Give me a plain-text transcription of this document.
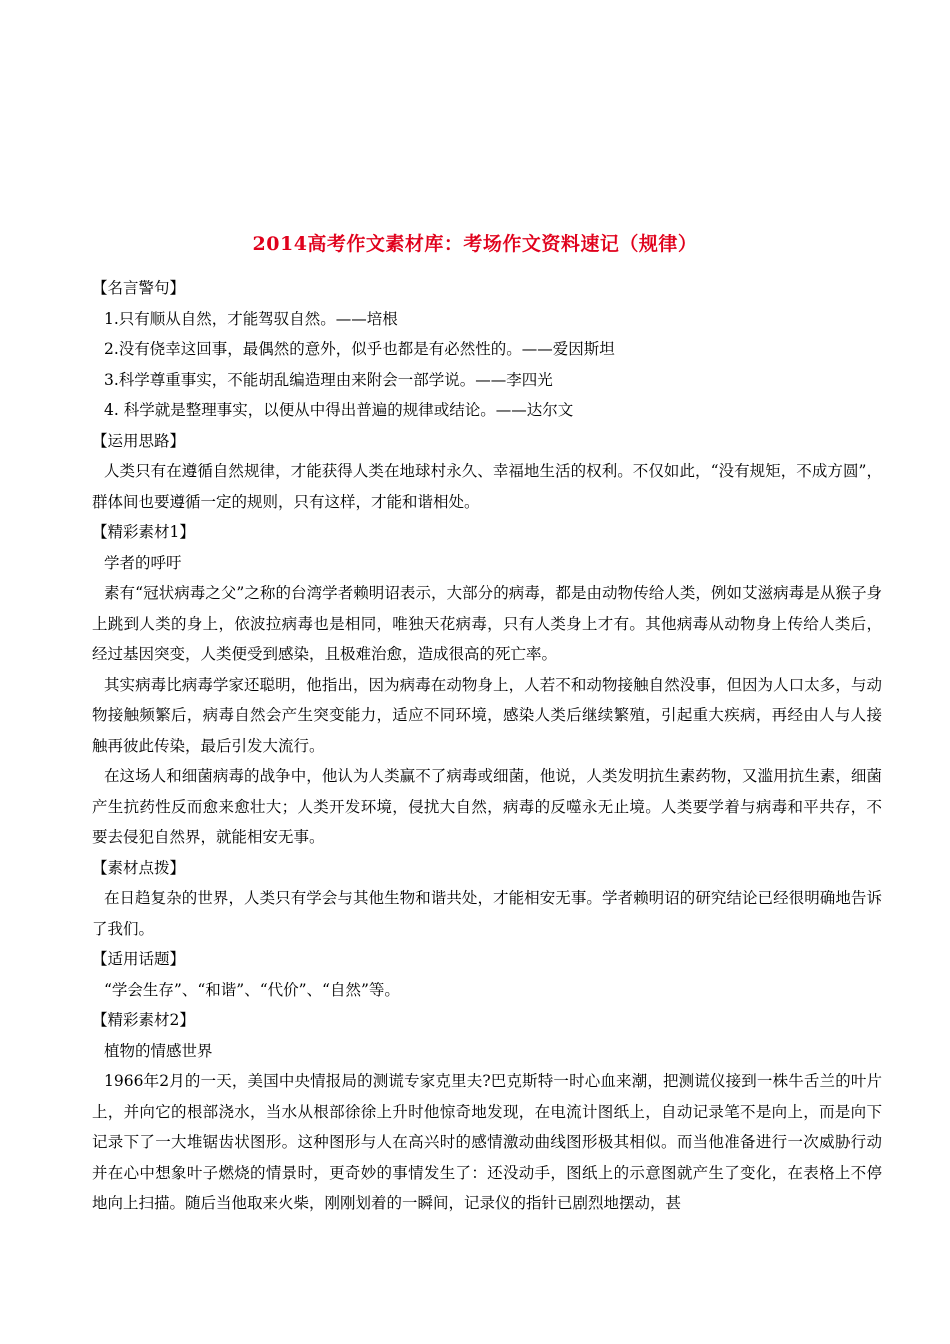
2014高考作文素材库：考场作文资料速记（规律）
【名言警句】
1.只有顺从自然，才能驾驭自然。——培根
2.没有侥幸这回事，最偶然的意外，似乎也都是有必然性的。——爱因斯坦
3.科学尊重事实，不能胡乱编造理由来附会一部学说。——李四光
4. 科学就是整理事实，以便从中得出普遍的规律或结论。——达尔文
【运用思路】

人类只有在遵循自然规律，才能获得人类在地球村永久、幸福地生活的权利。不仅如此，“没有规矩，不成方圆”，群体间也要遵循一定的规则，只有这样，才能和谐相处。

【精彩素材1】
学者的呼吁

素有“冠状病毒之父”之称的台湾学者赖明诏表示，大部分的病毒，都是由动物传给人类，例如艾滋病毒是从猴子身上跳到人类的身上，依波拉病毒也是相同，唯独天花病毒，只有人类身上才有。其他病毒从动物身上传给人类后，经过基因突变，人类便受到感染，且极难治愈，造成很高的死亡率。

其实病毒比病毒学家还聪明，他指出，因为病毒在动物身上，人若不和动物接触自然没事，但因为人口太多，与动物接触频繁后，病毒自然会产生突变能力，适应不同环境，感染人类后继续繁殖，引起重大疾病，再经由人与人接触再彼此传染，最后引发大流行。

在这场人和细菌病毒的战争中，他认为人类赢不了病毒或细菌，他说，人类发明抗生素药物，又滥用抗生素，细菌产生抗药性反而愈来愈壮大；人类开发环境，侵扰大自然，病毒的反噬永无止境。人类要学着与病毒和平共存，不要去侵犯自然界，就能相安无事。

【素材点拨】

在日趋复杂的世界，人类只有学会与其他生物和谐共处，才能相安无事。学者赖明诏的研究结论已经很明确地告诉了我们。

【适用话题】
“学会生存”、“和谐”、“代价”、“自然”等。
【精彩素材2】
植物的情感世界

1966年2月的一天，美国中央情报局的测谎专家克里夫?巴克斯特一时心血来潮，把测谎仪接到一株牛舌兰的叶片上，并向它的根部浇水，当水从根部徐徐上升时他惊奇地发现，在电流计图纸上，自动记录笔不是向上，而是向下记录下了一大堆锯齿状图形。这种图形与人在高兴时的感情激动曲线图形极其相似。而当他准备进行一次威胁行动并在心中想象叶子燃烧的情景时，更奇妙的事情发生了：还没动手，图纸上的示意图就产生了变化，在表格上不停地向上扫描。随后当他取来火柴，刚刚划着的一瞬间，记录仪的指针已剧烈地摆动，甚
